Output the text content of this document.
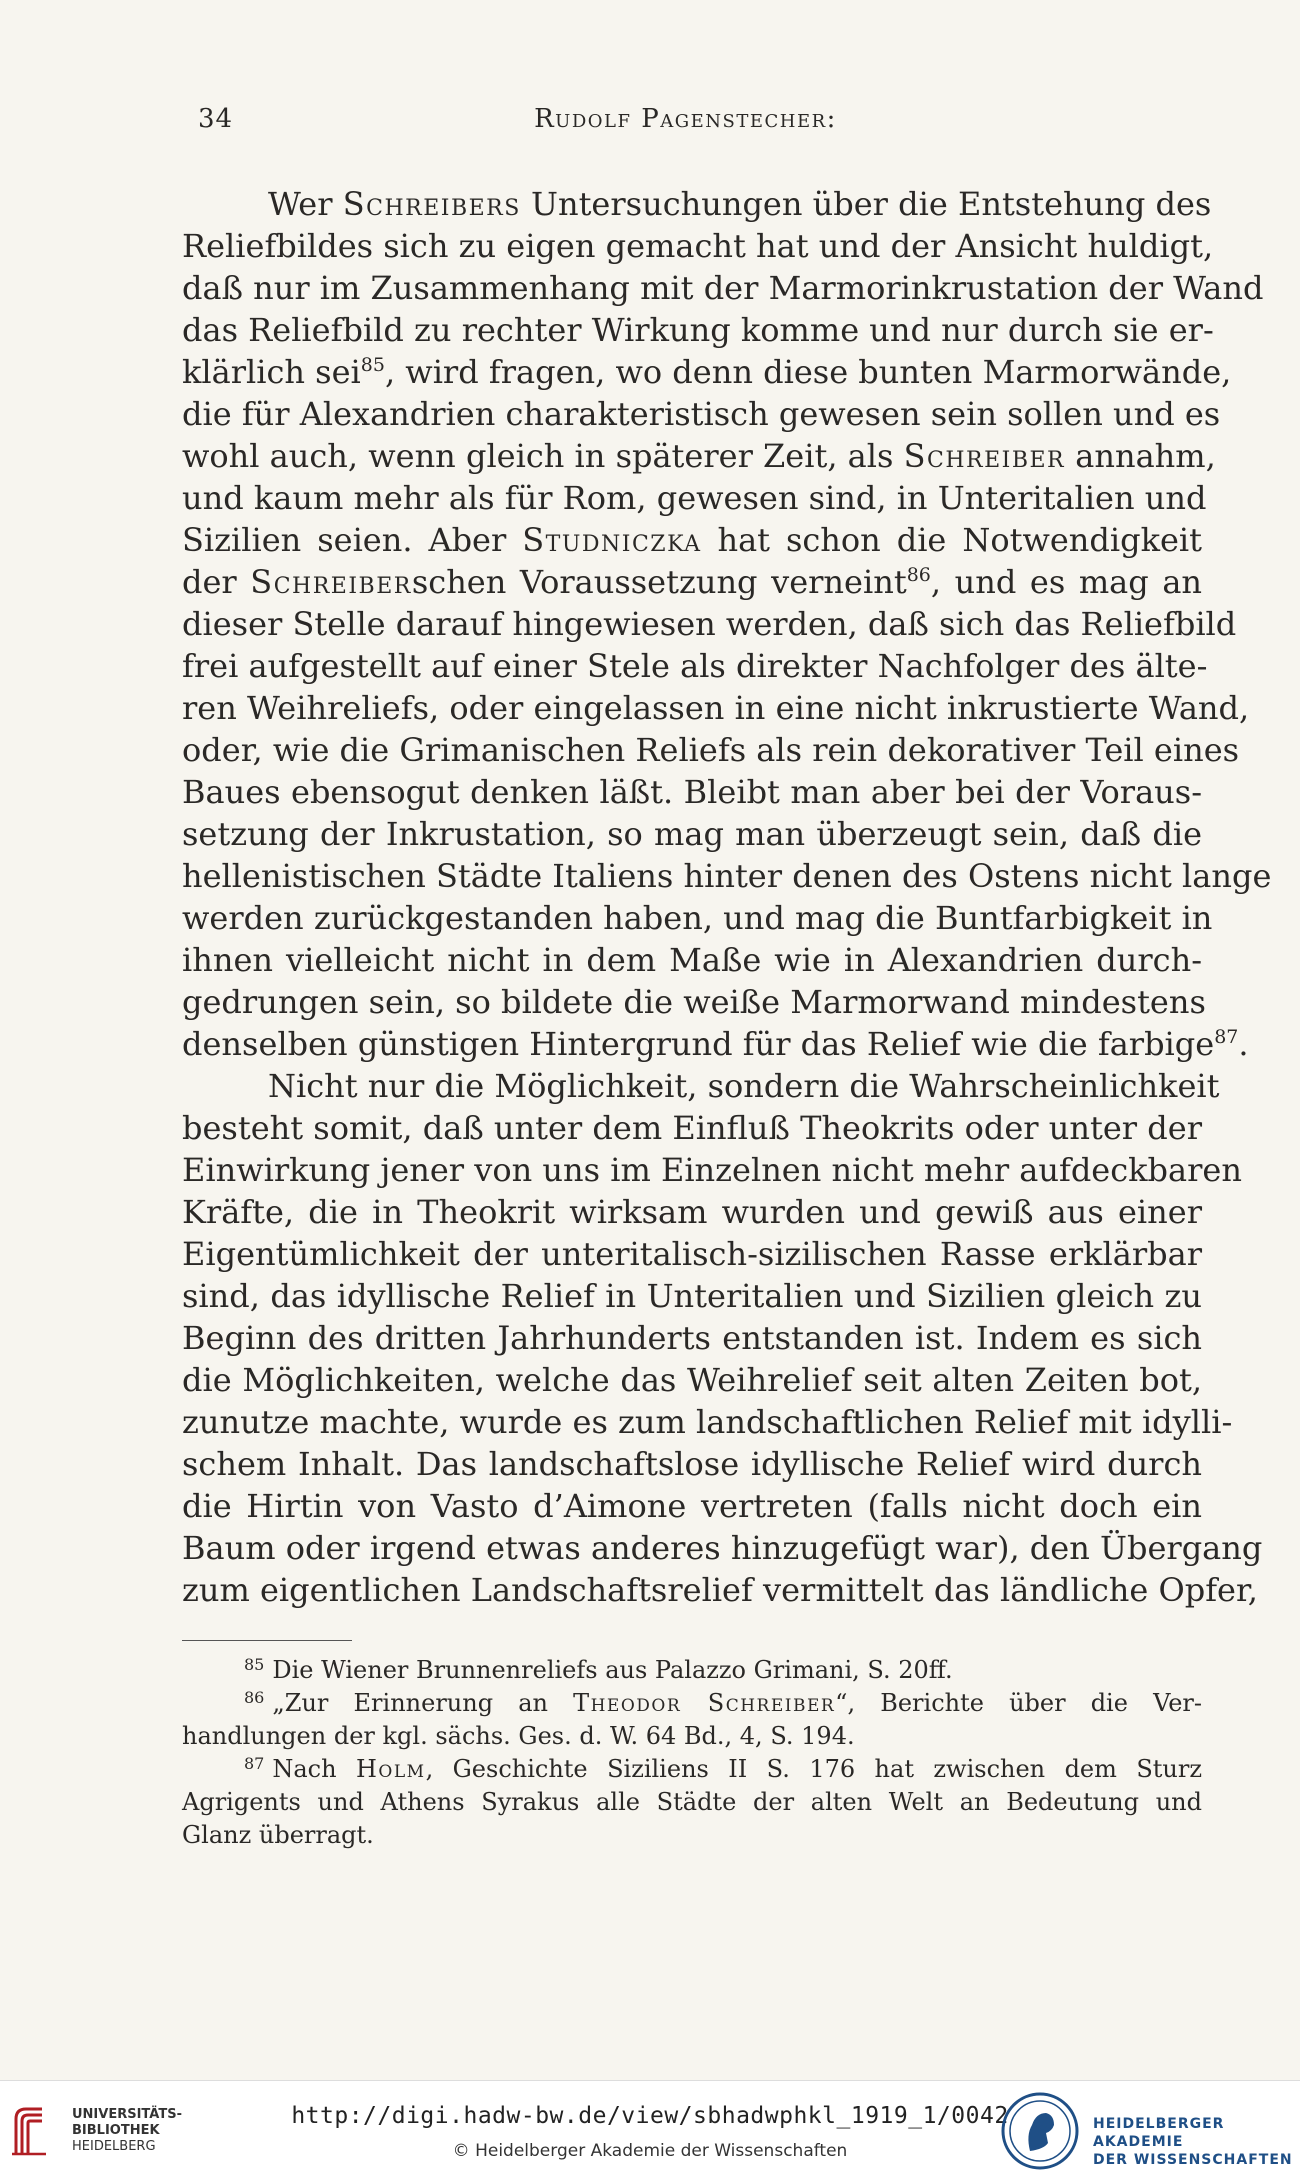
34	Rudolf Pagenstecher:
Wer Schreibers Untersuchungen über die Entstehung des
Reliefbildes sich zu eigen gemacht hat und der Ansicht huldigt,
daß nur im Zusammenhang mit der Marmorinkrustation der Wand
das Reliefbild zu rechter Wirkung komme und nur durch sie er-
klärlich sei$^{85}$, wird fragen, wo denn diese bunten Marmorwände,
die für Alexandrien charakteristisch gewesen sein sollen und es
wohl auch, wenn gleich in späterer Zeit, als Schreiber annahm,
und kaum mehr als für Rom, gewesen sind, in Unteritalien und
Sizilien seien. Aber Studniczka hat schon die Notwendigkeit
der Schreiberschen Voraussetzung verneint$^{86}$, und es mag an
dieser Stelle darauf hingewiesen werden, daß sich das Reliefbild
frei aufgestellt auf einer Stele als direkter Nachfolger des älte-
ren Weihreliefs, oder eingelassen in eine nicht inkrustierte Wand,
oder, wie die Grimanischen Reliefs als rein dekorativer Teil eines
Baues ebensogut denken läßt. Bleibt man aber bei der Voraus-
setzung der Inkrustation, so mag man überzeugt sein, daß die
hellenistischen Städte Italiens hinter denen des Ostens nicht lange
werden zurückgestanden haben, und mag die Buntfarbigkeit in
ihnen vielleicht nicht in dem Maße wie in Alexandrien durch-
gedrungen sein, so bildete die weiße Marmorwand mindestens
denselben günstigen Hintergrund für das Relief wie die farbige$^{87}$.
Nicht nur die Möglichkeit, sondern die Wahrscheinlichkeit
besteht somit, daß unter dem Einfluß Theokrits oder unter der
Einwirkung jener von uns im Einzelnen nicht mehr aufdeckbaren
Kräfte, die in Theokrit wirksam wurden und gewiß aus einer
Eigentümlichkeit der unteritalisch-sizilischen Rasse erklärbar
sind, das idyllische Relief in Unteritalien und Sizilien gleich zu
Beginn des dritten Jahrhunderts entstanden ist. Indem es sich
die Möglichkeiten, welche das Weihrelief seit alten Zeiten bot,
zunutze machte, wurde es zum landschaftlichen Relief mit idylli-
schem Inhalt. Das landschaftslose idyllische Relief wird durch
die Hirtin von Vasto d’Aimone vertreten (falls nicht doch ein
Baum oder irgend etwas anderes hinzugefügt war), den Übergang
zum eigentlichen Landschaftsrelief vermittelt das ländliche Opfer,
$^{85}$ Die Wiener Brunnenreliefs aus Palazzo Grimani, S. 20ff.
$^{86}$ „Zur Erinnerung an Theodor Schreiber“, Berichte über die Ver-
handlungen der kgl. sächs. Ges. d. W. 64 Bd., 4, S. 194.
$^{87}$ Nach Holm, Geschichte Siziliens II S. 176 hat zwischen dem Sturz
Agrigents und Athens Syrakus alle Städte der alten Welt an Bedeutung und
Glanz überragt.
UNIVERSITÄTS-
BIBLIOTHEK
HEIDELBERG
http://digi.hadw-bw.de/view/sbhadwphkl_1919_1/0042
© Heidelberger Akademie der Wissenschaften
HEIDELBERGER AKADEMIE
DER WISSENSCHAFTEN
